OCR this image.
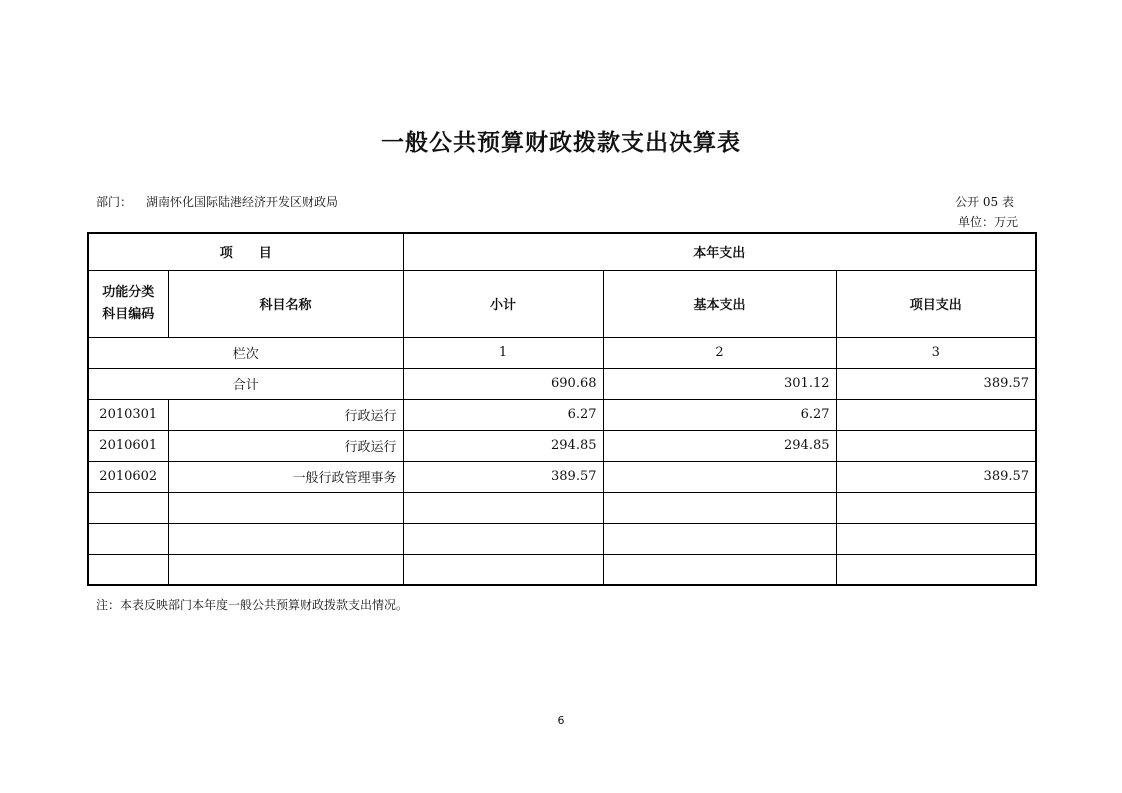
一般公共预算财政拨款支出决算表
部门： 湖南怀化国际陆港经济开发区财政局	公开 05 表
单位：万元
项　　目		本年支出		
功能分类
科目编码	科目名称	小计	基本支出	项目支出
栏次		1	2	3
合计		690.68	301.12	389.57
2010301	行政运行	6.27	6.27	
2010601	行政运行	294.85	294.85	
2010602	一般行政管理事务	389.57		389.57

注：本表反映部门本年度一般公共预算财政拨款支出情况。
6
